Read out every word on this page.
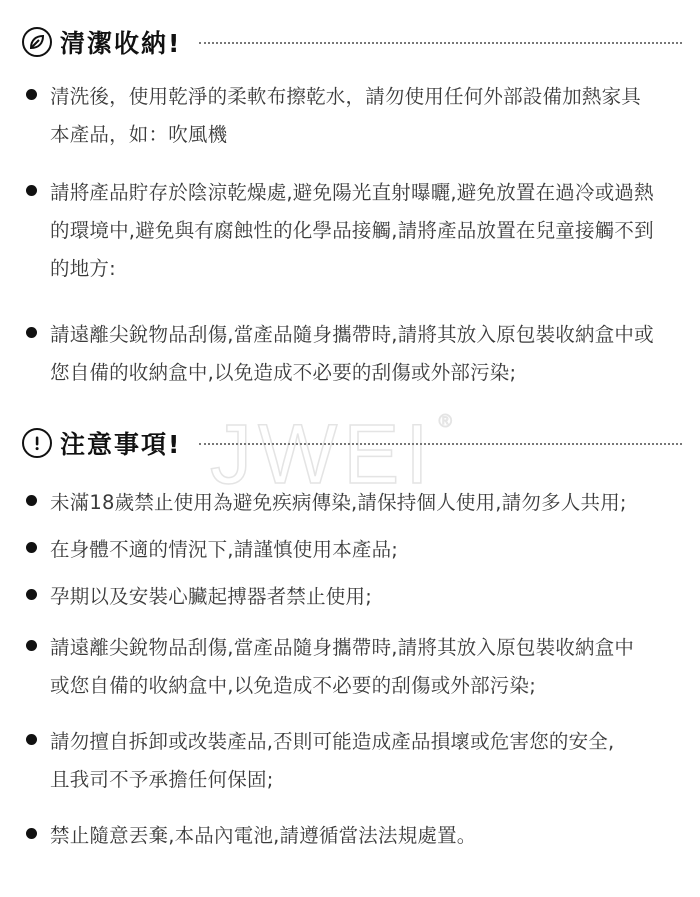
JWEI ®
清潔收納!
清洗後，使用乾淨的柔軟布擦乾水，請勿使用任何外部設備加熱家具
本產品，如：吹風機
請將產品貯存於陰涼乾燥處,避免陽光直射曝曬,避免放置在過冷或過熱
的環境中,避免與有腐蝕性的化學品接觸,請將產品放置在兒童接觸不到
的地方:
請遠離尖銳物品刮傷,當產品隨身攜帶時,請將其放入原包裝收納盒中或
您自備的收納盒中,以免造成不必要的刮傷或外部污染;
注意事項!
未滿18歲禁止使用為避免疾病傳染,請保持個人使用,請勿多人共用;
在身體不適的情況下,請謹慎使用本產品;
孕期以及安裝心臟起搏器者禁止使用;
請遠離尖銳物品刮傷,當產品隨身攜帶時,請將其放入原包裝收納盒中
或您自備的收納盒中,以免造成不必要的刮傷或外部污染;
請勿擅自拆卸或改裝產品,否則可能造成產品損壞或危害您的安全,
且我司不予承擔任何保固;
禁止隨意丟棄,本品內電池,請遵循當法法規處置。
